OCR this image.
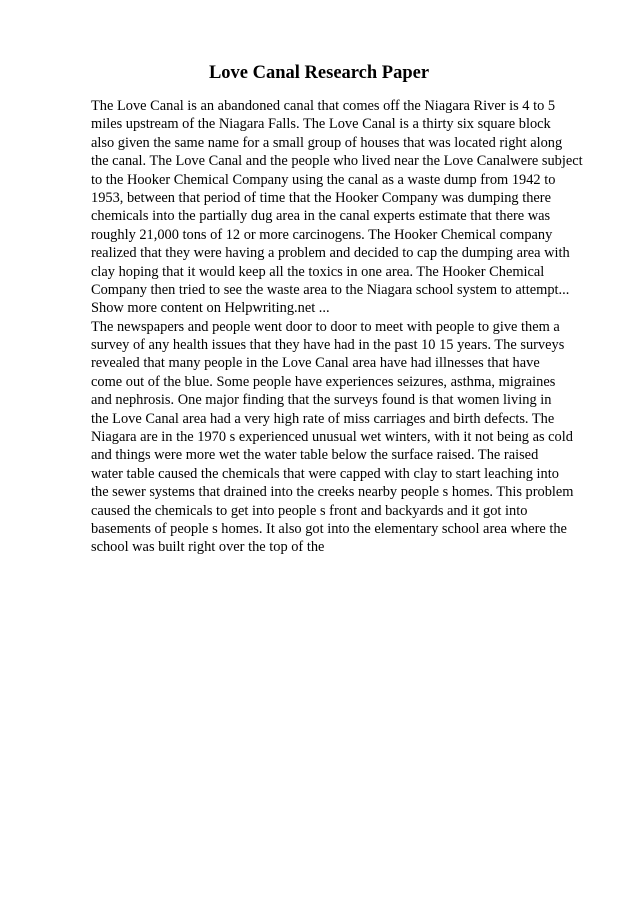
Love Canal Research Paper
The Love Canal is an abandoned canal that comes off the Niagara River is 4 to 5
miles upstream of the Niagara Falls. The Love Canal is a thirty six square block
also given the same name for a small group of houses that was located right along
the canal. The Love Canal and the people who lived near the Love Canalwere subject
to the Hooker Chemical Company using the canal as a waste dump from 1942 to
1953, between that period of time that the Hooker Company was dumping there
chemicals into the partially dug area in the canal experts estimate that there was
roughly 21,000 tons of 12 or more carcinogens. The Hooker Chemical company
realized that they were having a problem and decided to cap the dumping area with
clay hoping that it would keep all the toxics in one area. The Hooker Chemical
Company then tried to see the waste area to the Niagara school system to attempt...
Show more content on Helpwriting.net ...
The newspapers and people went door to door to meet with people to give them a
survey of any health issues that they have had in the past 10 15 years. The surveys
revealed that many people in the Love Canal area have had illnesses that have
come out of the blue. Some people have experiences seizures, asthma, migraines
and nephrosis. One major finding that the surveys found is that women living in
the Love Canal area had a very high rate of miss carriages and birth defects. The
Niagara are in the 1970 s experienced unusual wet winters, with it not being as cold
and things were more wet the water table below the surface raised. The raised
water table caused the chemicals that were capped with clay to start leaching into
the sewer systems that drained into the creeks nearby people s homes. This problem
caused the chemicals to get into people s front and backyards and it got into
basements of people s homes. It also got into the elementary school area where the
school was built right over the top of the
